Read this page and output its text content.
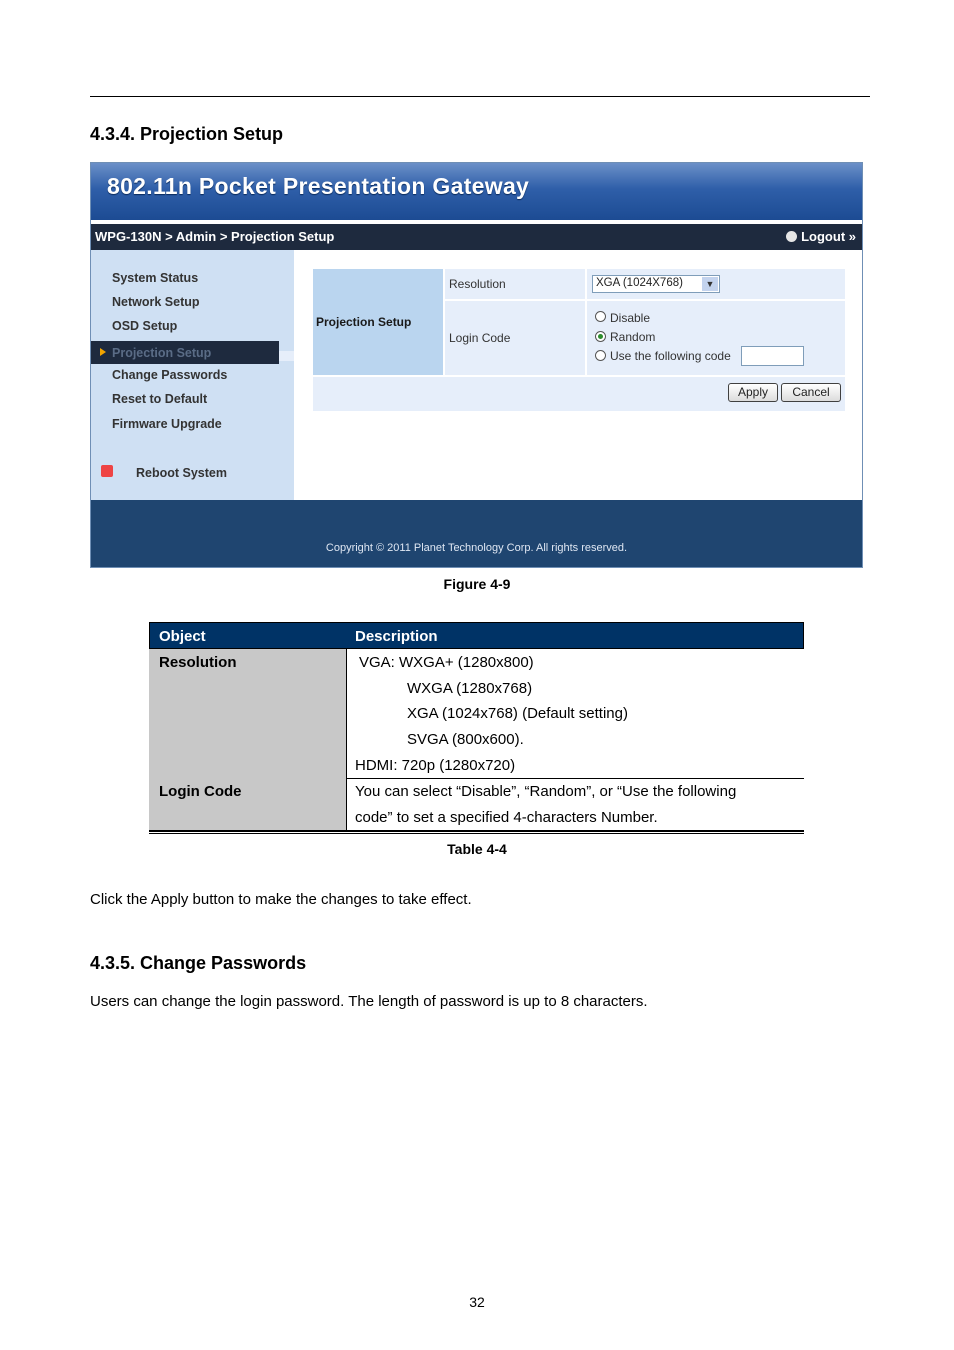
4.3.4. Projection Setup
802.11n Pocket Presentation Gateway
WPG-130N > Admin > Projection Setup	Logout »
System Status
Network Setup
OSD Setup
Projection Setup
Change Passwords
Reset to Default
Firmware Upgrade
Reboot System
Projection Setup
Resolution	XGA (1024X768)	▼
Login Code
Disable
Random
Use the following code
Apply	Cancel
Copyright © 2011 Planet Technology Corp. All rights reserved.
Figure 4-9
Object	Description
Resolution	VGA: WXGA+ (1280x800)
WXGA (1280x768)
XGA (1024x768) (Default setting)
SVGA (800x600).
HDMI: 720p (1280x720)
Login Code	You can select “Disable”, “Random”, or “Use the following
code” to set a specified 4-characters Number.
Table 4-4
Click the Apply button to make the changes to take effect.
4.3.5. Change Passwords
Users can change the login password. The length of password is up to 8 characters.
32
